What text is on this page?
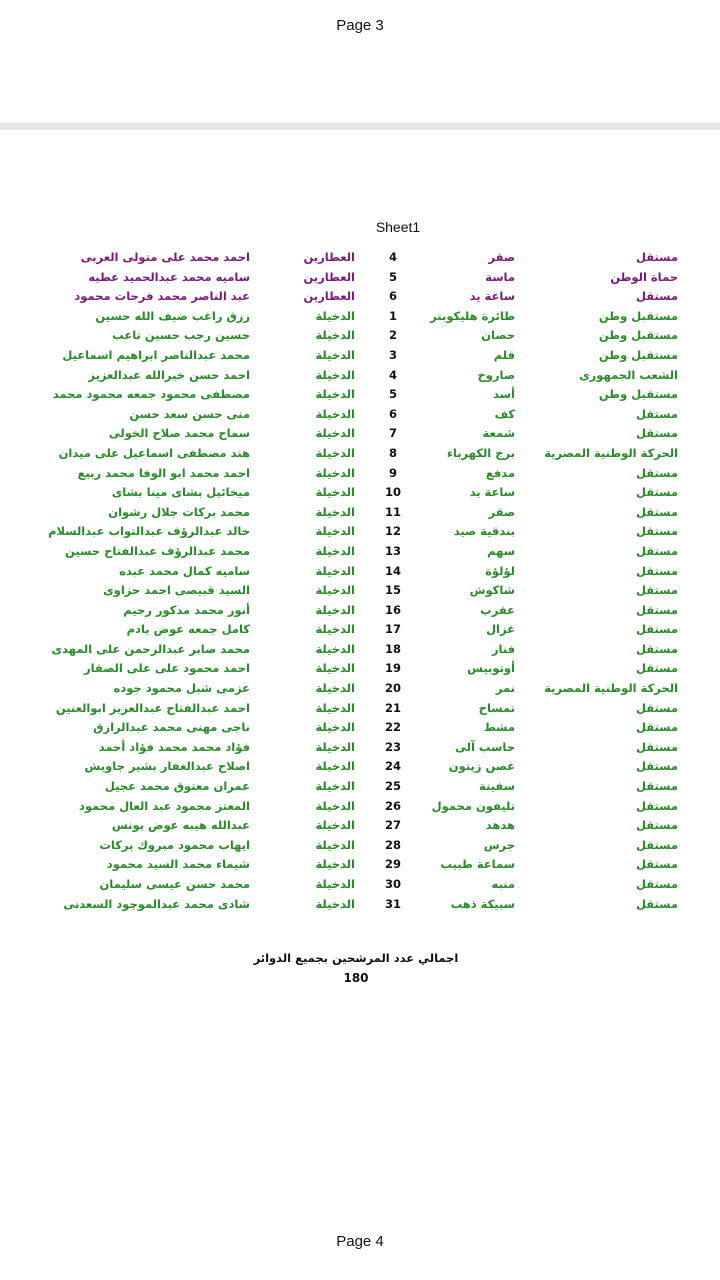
Page 3
Sheet1
مستقل
صقر
4
العطارين
احمد محمد على متولى العربى
حماة الوطن
ماسة
5
العطارين
ساميه محمد عبدالحميد عطيه
مستقل
ساعة يد
6
العطارين
عبد الناصر محمد فرحات محمود
مستقبل وطن
طائرة هليكوبتر
1
الدخيلة
رزق راغب ضيف الله حسين
مستقبل وطن
حصان
2
الدخيلة
حسين رجب حسين تاعب
مستقبل وطن
قلم
3
الدخيلة
محمد عبدالناصر ابراهيم اسماعيل
الشعب الجمهورى
صاروخ
4
الدخيلة
احمد حسن خيرالله عبدالعزيز
مستقبل وطن
أسد
5
الدخيلة
مصطفى محمود جمعه محمود محمد
مستقل
كف
6
الدخيلة
منى حسن سعد حسن
مستقل
شمعة
7
الدخيلة
سماح محمد صلاح الخولى
الحركة الوطنية المصرية
برج الكهرباء
8
الدخيلة
هند مصطفى اسماعيل على ميدان
مستقل
مدفع
9
الدخيلة
احمد محمد ابو الوفا محمد ربيع
مستقل
ساعة يد
10
الدخيلة
ميخائيل بشاى مينا بشاى
مستقل
صقر
11
الدخيلة
محمد بركات جلال رشوان
مستقل
بندقية صيد
12
الدخيلة
خالد عبدالرؤف عبدالتواب عبدالسلام
مستقل
سهم
13
الدخيلة
محمد عبدالرؤف عبدالفتاح حسين
مستقل
لؤلؤة
14
الدخيلة
ساميه كمال محمد عبده
مستقل
شاكوش
15
الدخيلة
السيد قبيصى احمد حزاوى
مستقل
عقرب
16
الدخيلة
أنور محمد مدكور رحيم
مستقل
غزال
17
الدخيلة
كامل جمعه عوض يادم
مستقل
فنار
18
الدخيلة
محمد صابر عبدالرحمن على المهدى
مستقل
أوتوبيس
19
الدخيلة
احمد محمود على على الصقار
الحركة الوطنية المصرية
نمر
20
الدخيلة
عزمى شبل محمود جوده
مستقل
تمساح
21
الدخيلة
احمد عبدالفتاح عبدالعزيز ابوالعنين
مستقل
مشط
22
الدخيلة
ناجى مهنى محمد عبدالرازق
مستقل
حاسب آلى
23
الدخيلة
فؤاد محمد محمد فؤاد أحمد
مستقل
غصن زيتون
24
الدخيلة
اصلاح عبدالغفار بشير جاويش
مستقل
سفينة
25
الدخيلة
عمران معتوق محمد عجيل
مستقل
تليفون محمول
26
الدخيلة
المعتز محمود عبد العال محمود
مستقل
هدهد
27
الدخيلة
عبدالله هيبه عوض يونس
مستقل
جرس
28
الدخيلة
ايهاب محمود مبروك بركات
مستقل
سماعة طبيب
29
الدخيلة
شيماء محمد السيد محمود
مستقل
منبه
30
الدخيلة
محمد حسن عيسى سليمان
مستقل
سبيكة ذهب
31
الدخيلة
شادى محمد عبدالموجود السعدنى
اجمالي عدد المرشحين بجميع الدوائر
180
Page 4
